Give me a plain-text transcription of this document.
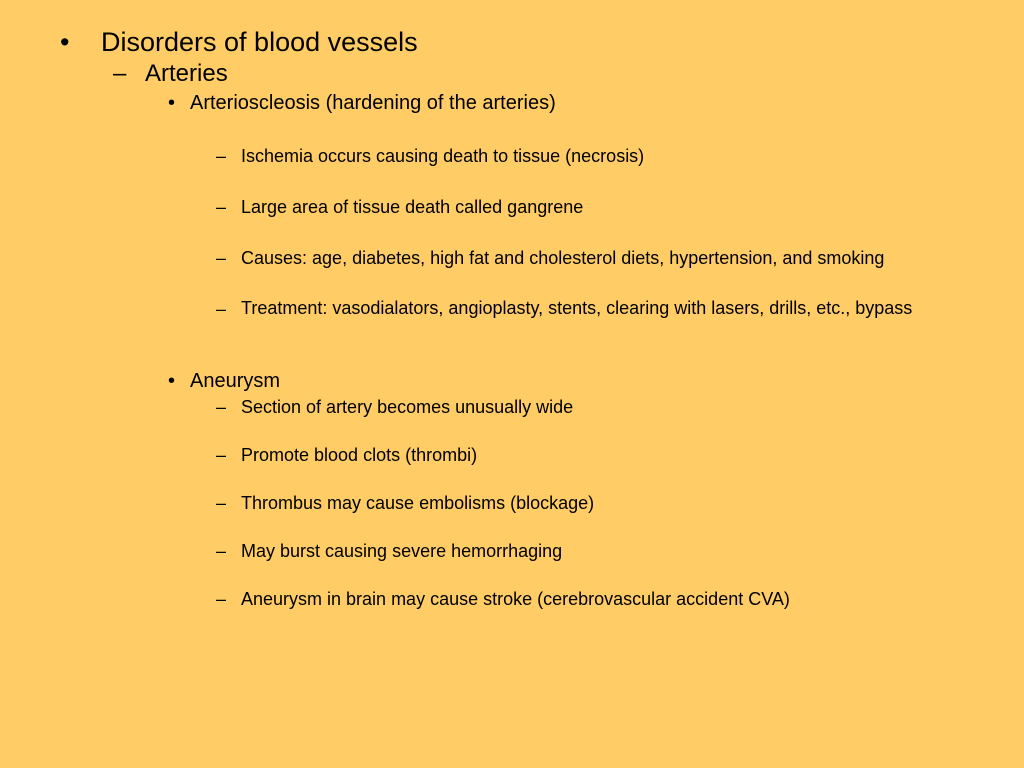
• Disorders of blood vessels
– Arteries
• Arterioscleosis (hardening of the arteries)
– Ischemia occurs causing death to tissue (necrosis)
– Large area of tissue death called gangrene
– Causes: age, diabetes, high fat and cholesterol diets, hypertension, and smoking
– Treatment: vasodialators, angioplasty, stents, clearing with lasers, drills, etc., bypass
• Aneurysm
– Section of artery becomes unusually wide
– Promote blood clots (thrombi)
– Thrombus may cause embolisms (blockage)
– May burst causing severe hemorrhaging
– Aneurysm in brain may cause stroke (cerebrovascular accident CVA)
